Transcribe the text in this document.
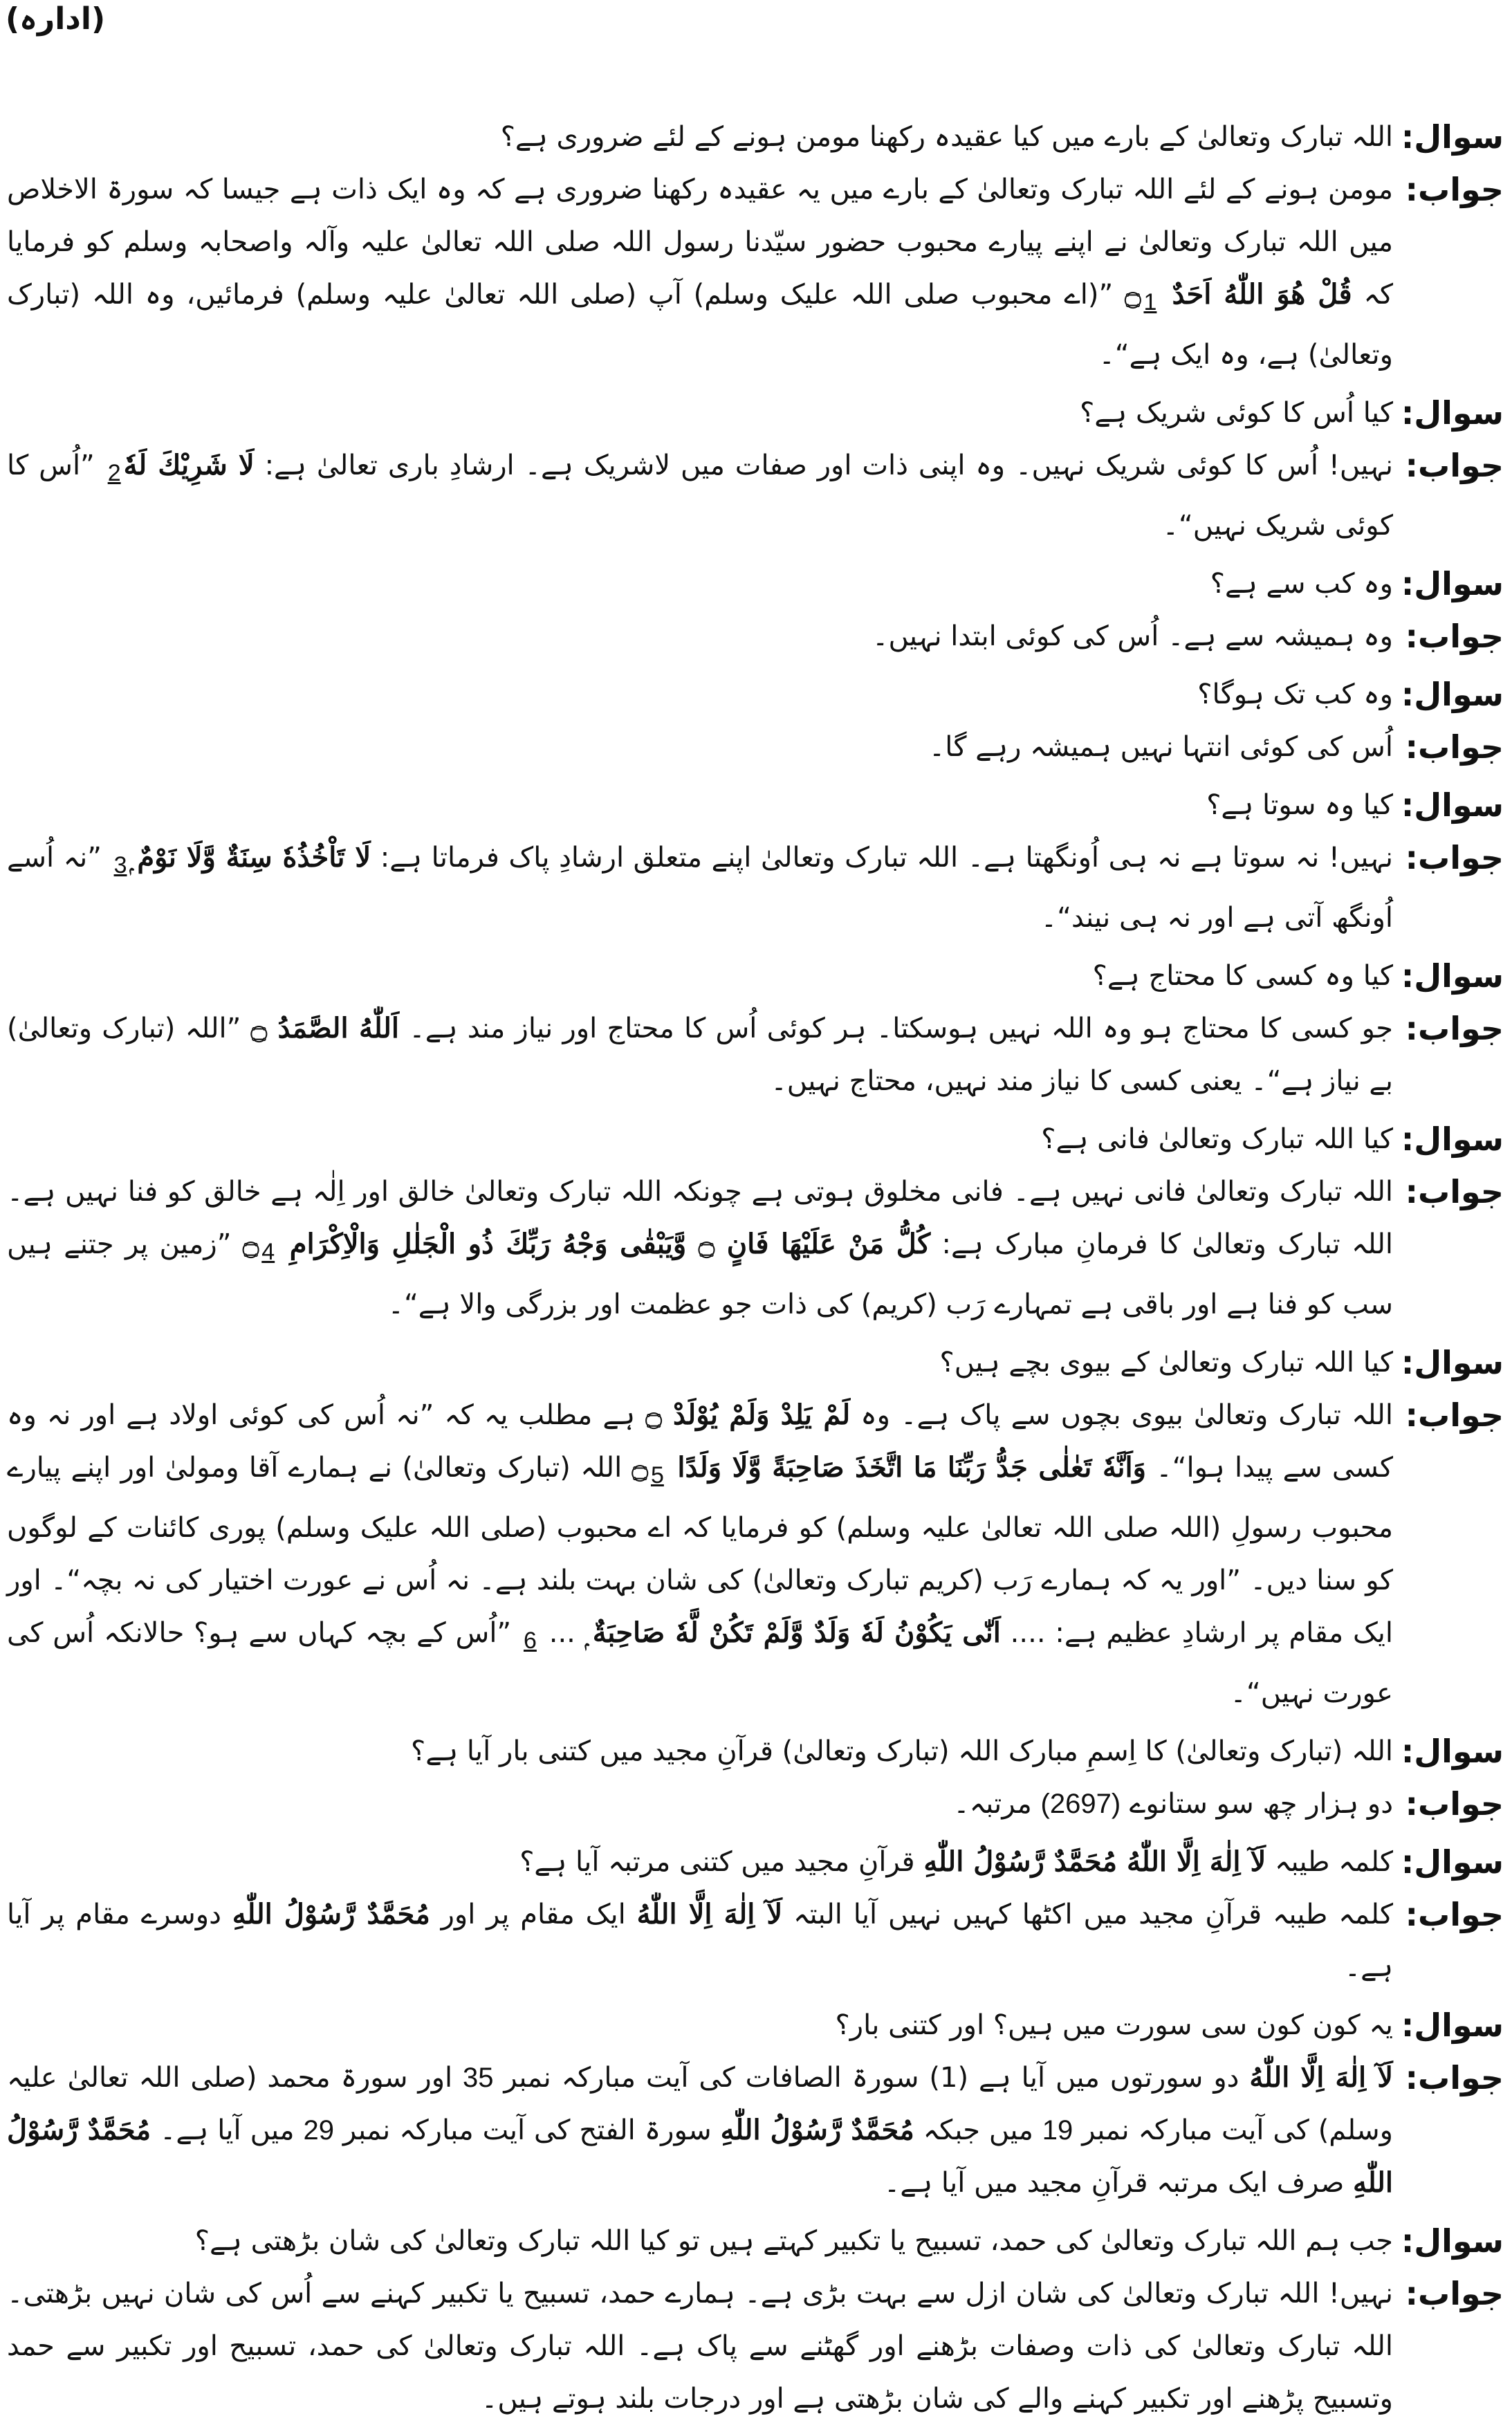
(ادارہ)
سوال:
اللہ تبارک وتعالیٰ کے بارے میں کیا عقیدہ رکھنا مومن ہونے کے لئے ضروری ہے؟
جواب:
مومن ہونے کے لئے اللہ تبارک وتعالیٰ کے بارے میں یہ عقیدہ رکھنا ضروری ہے کہ وہ ایک ذات ہے جیسا کہ سورۃ الاخلاص میں اللہ تبارک وتعالیٰ نے اپنے پیارے محبوب حضور سیّدنا رسول اللہ صلی اللہ تعالیٰ علیہ وآلہ واصحابہ وسلم کو فرمایا کہ قُلْ هُوَ اللّٰهُ اَحَدٌ $۝_1$ ”(اے محبوب صلی اللہ علیک وسلم) آپ (صلی اللہ تعالیٰ علیہ وسلم) فرمائیں، وہ اللہ (تبارک وتعالیٰ) ہے، وہ ایک ہے“۔
سوال:
کیا اُس کا کوئی شریک ہے؟
جواب:
نہیں! اُس کا کوئی شریک نہیں۔ وہ اپنی ذات اور صفات میں لاشریک ہے۔ ارشادِ باری تعالیٰ ہے: لَا شَرِيْكَ $لَهٗ_2$ ”اُس کا کوئی شریک نہیں“۔
سوال:
وہ کب سے ہے؟
جواب:
وہ ہمیشہ سے ہے۔ اُس کی کوئی ابتدا نہیں۔
سوال:
وہ کب تک ہوگا؟
جواب:
اُس کی کوئی انتہا نہیں ہمیشہ رہے گا۔
سوال:
کیا وہ سوتا ہے؟
جواب:
نہیں! نہ سوتا ہے نہ ہی اُونگھتا ہے۔ اللہ تبارک وتعالیٰ اپنے متعلق ارشادِ پاک فرماتا ہے: لَا تَاْخُذُهٗ سِنَةٌ وَّلَا نَوْمٌ $ۭ_3$ ”نہ اُسے اُونگھ آتی ہے اور نہ ہی نیند“۔
سوال:
کیا وہ کسی کا محتاج ہے؟
جواب:
جو کسی کا محتاج ہو وہ اللہ نہیں ہوسکتا۔ ہر کوئی اُس کا محتاج اور نیاز مند ہے۔ اَللّٰهُ الصَّمَدُ ۝ ”اللہ (تبارک وتعالیٰ) بے نیاز ہے“۔ یعنی کسی کا نیاز مند نہیں، محتاج نہیں۔
سوال:
کیا اللہ تبارک وتعالیٰ فانی ہے؟
جواب:
اللہ تبارک وتعالیٰ فانی نہیں ہے۔ فانی مخلوق ہوتی ہے چونکہ اللہ تبارک وتعالیٰ خالق اور اِلٰہ ہے خالق کو فنا نہیں ہے۔ اللہ تبارک وتعالیٰ کا فرمانِ مبارک ہے: كُلُّ مَنْ عَلَيْهَا فَانٍ ۝ وَّيَبْقٰى وَجْهُ رَبِّكَ ذُو الْجَلٰلِ وَالْاِكْرَامِ $۝_4$ ”زمین پر جتنے ہیں سب کو فنا ہے اور باقی ہے تمہارے رَب (کریم) کی ذات جو عظمت اور بزرگی والا ہے“۔
سوال:
کیا اللہ تبارک وتعالیٰ کے بیوی بچے ہیں؟
جواب:
اللہ تبارک وتعالیٰ بیوی بچوں سے پاک ہے۔ وہ لَمْ يَلِدْ وَلَمْ يُوْلَدْ ۝ ہے مطلب یہ کہ ”نہ اُس کی کوئی اولاد ہے اور نہ وہ کسی سے پیدا ہوا“۔ وَاَنَّهٗ تَعٰلٰى جَدُّ رَبِّنَا مَا اتَّخَذَ صَاحِبَةً وَّلَا وَلَدًا $۝_5$ اللہ (تبارک وتعالیٰ) نے ہمارے آقا ومولیٰ اور اپنے پیارے محبوب رسولِ (اللہ صلی اللہ تعالیٰ علیہ وسلم) کو فرمایا کہ اے محبوب (صلی اللہ علیک وسلم) پوری کائنات کے لوگوں کو سنا دیں۔ ”اور یہ کہ ہمارے رَب (کریم تبارک وتعالیٰ) کی شان بہت بلند ہے۔ نہ اُس نے عورت اختیار کی نہ بچہ“۔ اور ایک مقام پر ارشادِ عظیم ہے: .... اَنّٰى يَكُوْنُ لَهٗ وَلَدٌ وَّلَمْ تَكُنْ لَّهٗ صَاحِبَةٌ ۭ ... $_6$ ”اُس کے بچہ کہاں سے ہو؟ حالانکہ اُس کی عورت نہیں“۔
سوال:
اللہ (تبارک وتعالیٰ) کا اِسمِ مبارک اللہ (تبارک وتعالیٰ) قرآنِ مجید میں کتنی بار آیا ہے؟
جواب:
دو ہزار چھ سو ستانوے (2697) مرتبہ۔
سوال:
کلمہ طیبہ لَآ اِلٰهَ اِلَّا اللّٰهُ مُحَمَّدٌ رَّسُوْلُ اللّٰهِ قرآنِ مجید میں کتنی مرتبہ آیا ہے؟
جواب:
کلمہ طیبہ قرآنِ مجید میں اکٹھا کہیں نہیں آیا البتہ لَآ اِلٰهَ اِلَّا اللّٰهُ ایک مقام پر اور مُحَمَّدٌ رَّسُوْلُ اللّٰهِ دوسرے مقام پر آیا ہے۔
سوال:
یہ کون کون سی سورت میں ہیں؟ اور کتنی بار؟
جواب:
لَآ اِلٰهَ اِلَّا اللّٰهُ دو سورتوں میں آیا ہے (1) سورۃ الصافات کی آیت مبارکہ نمبر 35 اور سورۃ محمد (صلی اللہ تعالیٰ علیہ وسلم) کی آیت مبارکہ نمبر 19 میں جبکہ مُحَمَّدٌ رَّسُوْلُ اللّٰهِ سورۃ الفتح کی آیت مبارکہ نمبر 29 میں آیا ہے۔ مُحَمَّدٌ رَّسُوْلُ اللّٰهِ صرف ایک مرتبہ قرآنِ مجید میں آیا ہے۔
سوال:
جب ہم اللہ تبارک وتعالیٰ کی حمد، تسبیح یا تکبیر کہتے ہیں تو کیا اللہ تبارک وتعالیٰ کی شان بڑھتی ہے؟
جواب:
نہیں! اللہ تبارک وتعالیٰ کی شان ازل سے بہت بڑی ہے۔ ہمارے حمد، تسبیح یا تکبیر کہنے سے اُس کی شان نہیں بڑھتی۔ اللہ تبارک وتعالیٰ کی ذات وصفات بڑھنے اور گھٹنے سے پاک ہے۔ اللہ تبارک وتعالیٰ کی حمد، تسبیح اور تکبیر سے حمد وتسبیح پڑھنے اور تکبیر کہنے والے کی شان بڑھتی ہے اور درجات بلند ہوتے ہیں۔
